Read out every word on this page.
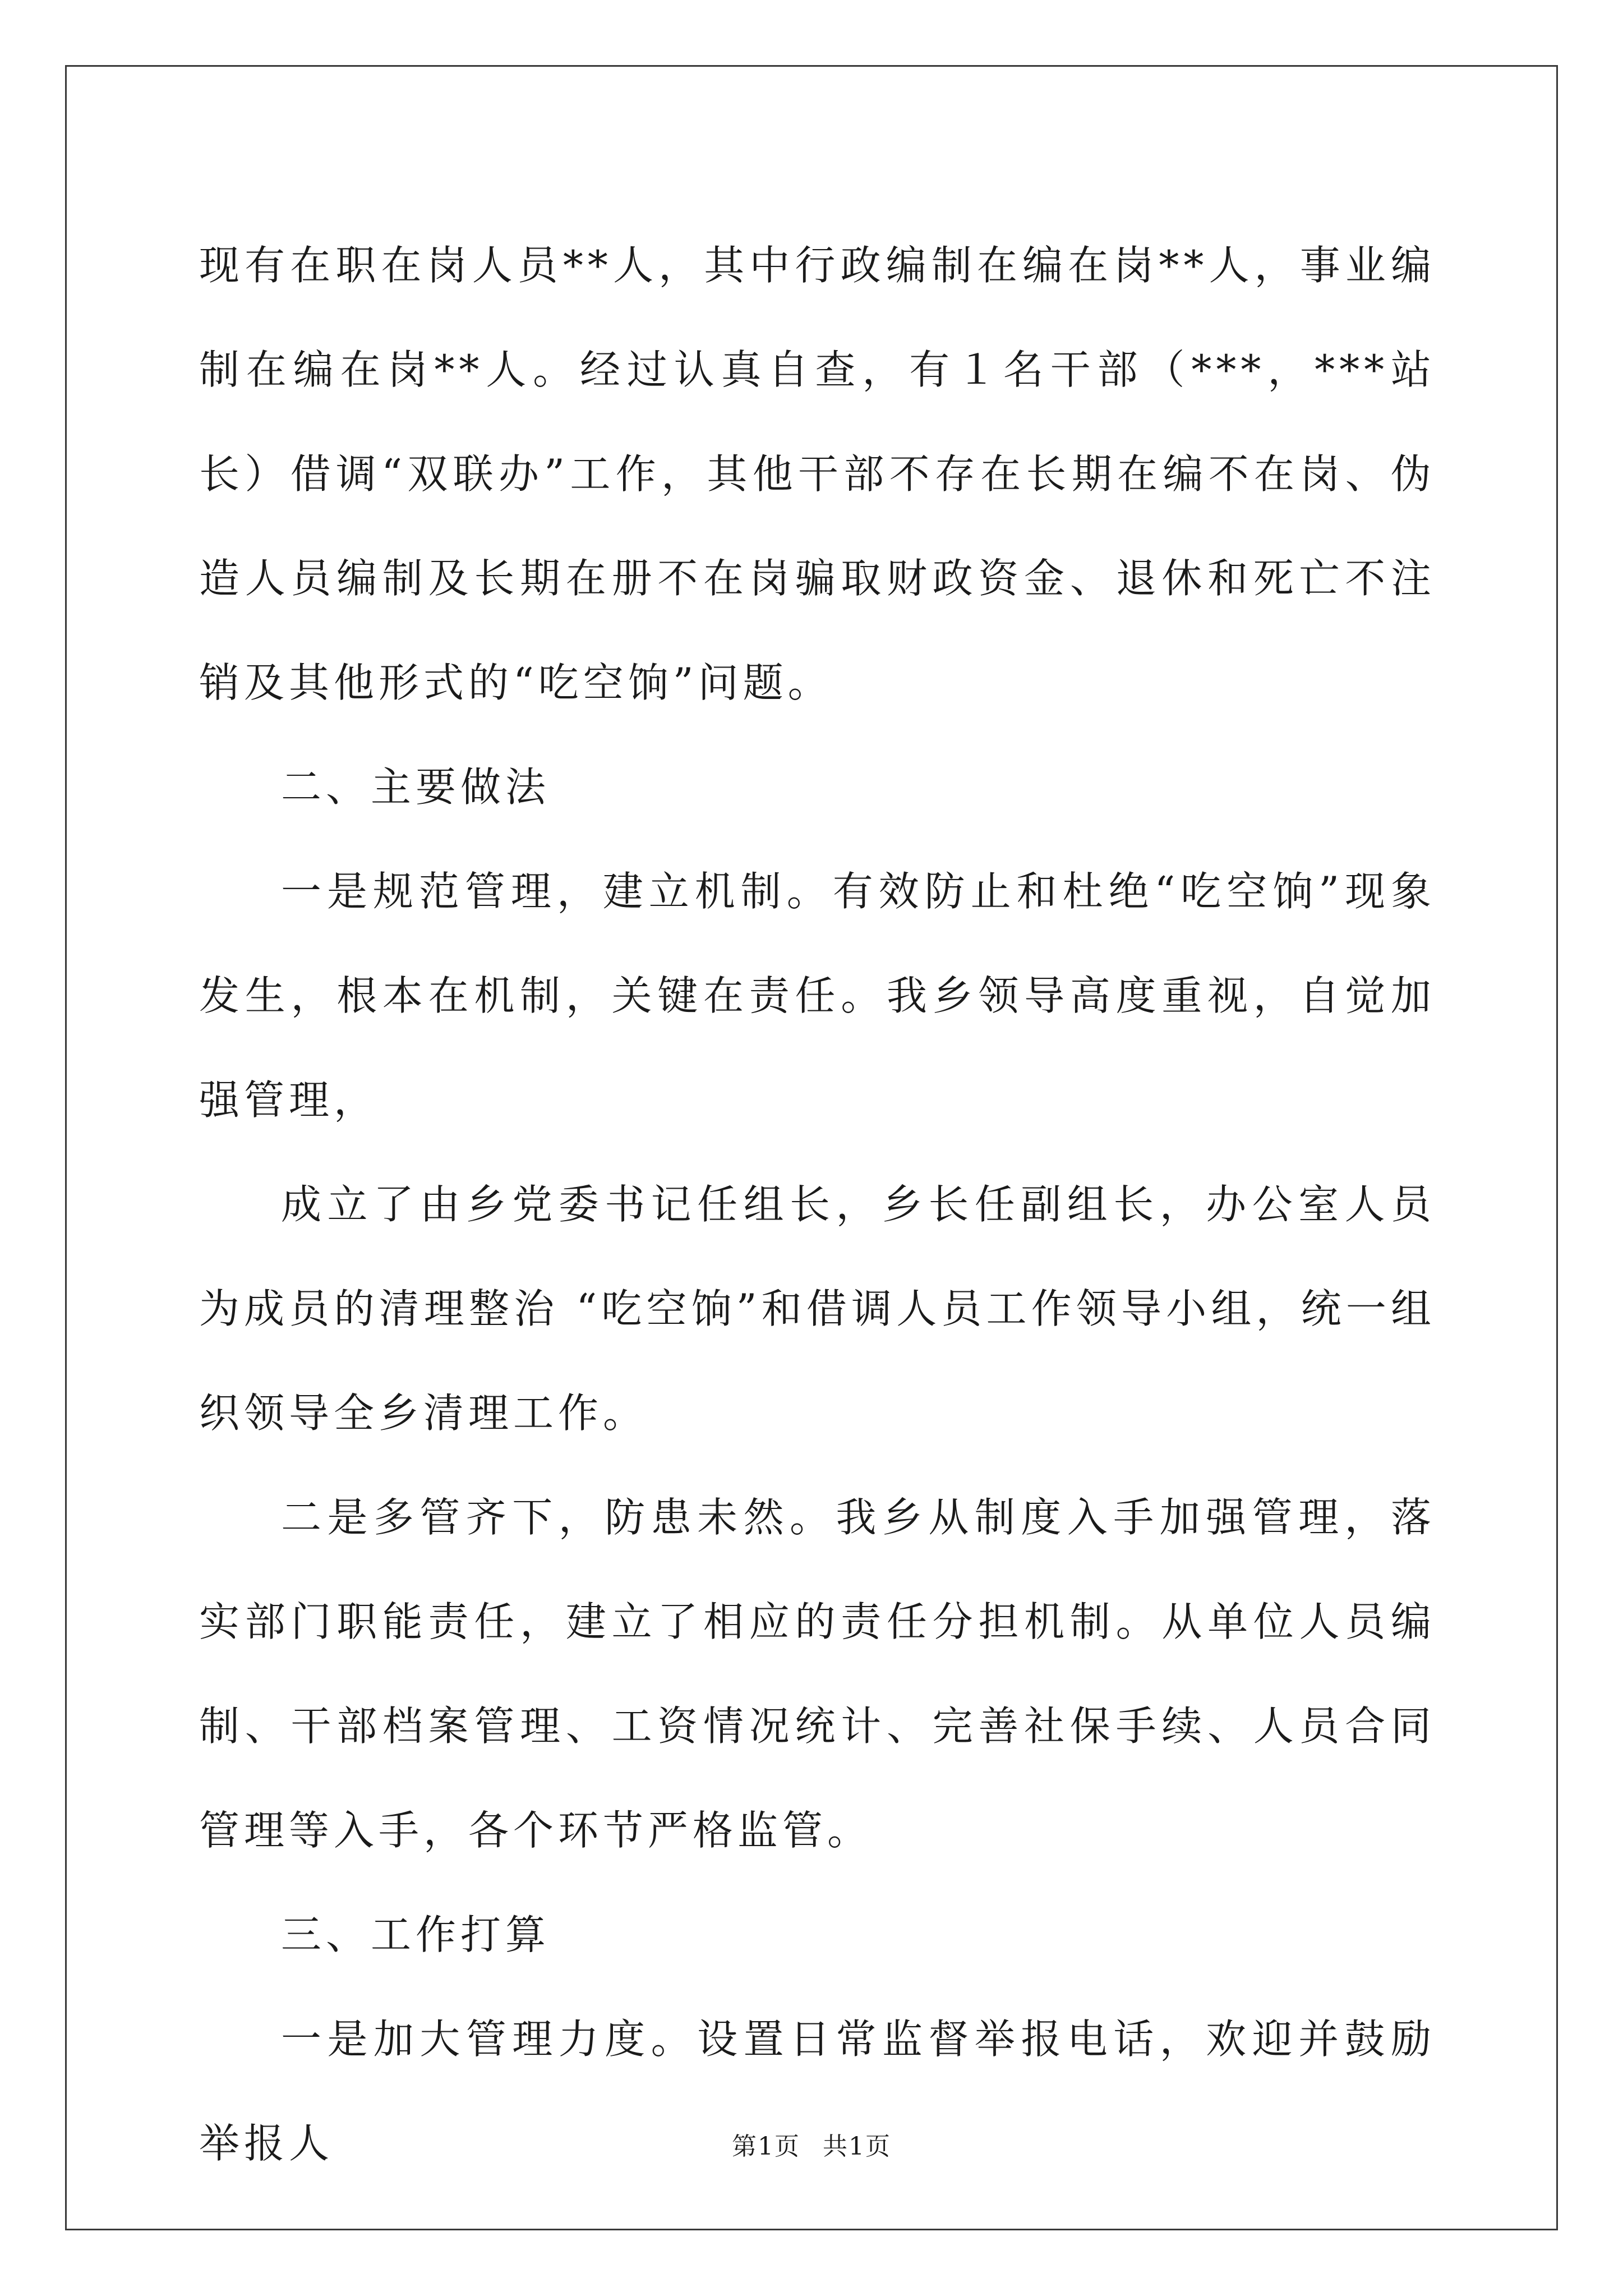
现有在职在岗人员**人，其中行政编制在编在岗**人，事业编制在编在岗**人。经过认真自查，有１名干部（***，***站长）借调“双联办”工作，其他干部不存在长期在编不在岗、伪造人员编制及长期在册不在岗骗取财政资金、退休和死亡不注销及其他形式的“吃空饷”问题。

二、主要做法

一是规范管理，建立机制。有效防止和杜绝“吃空饷”现象发生，根本在机制，关键在责任。我乡领导高度重视，自觉加强管理，

成立了由乡党委书记任组长，乡长任副组长，办公室人员为成员的清理整治 “吃空饷”和借调人员工作领导小组，统一组织领导全乡清理工作。

二是多管齐下，防患未然。我乡从制度入手加强管理，落实部门职能责任，建立了相应的责任分担机制。从单位人员编制、干部档案管理、工资情况统计、完善社保手续、人员合同管理等入手，各个环节严格监管。

三、工作打算

一是加大管理力度。设置日常监督举报电话，欢迎并鼓励举报人	第1页 共1页
